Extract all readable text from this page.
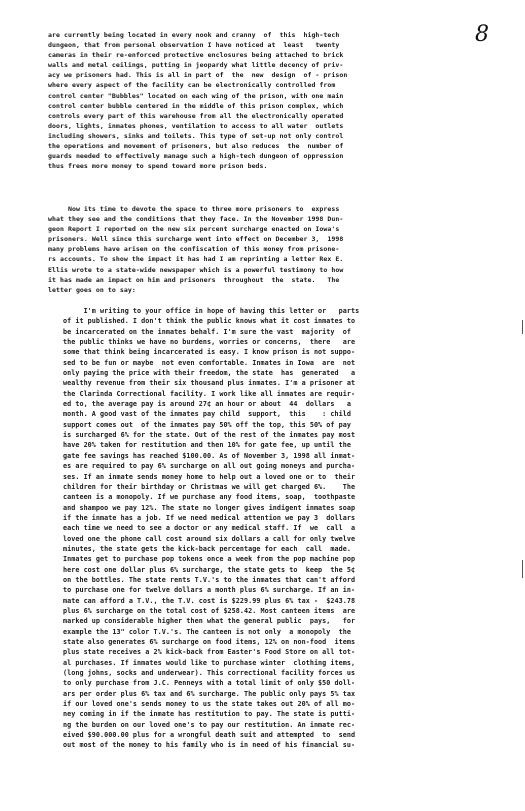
8

are currently being located in every nook and cranny  of  this  high-tech
dungeon, that from personal observation I have noticed at  least   twenty
cameras in their re-enforced protective enclosures being attached to brick
walls and metal ceilings, putting in jeopardy what little decency of priv-
acy we prisoners had. This is all in part of  the  new  design  of - prison
where every aspect of the facility can be electronically controlled from
control center "Bubbles" located on each wing of the prison, with one main
control center bubble centered in the middle of this prison complex, which
controls every part of this warehouse from all the electronically operated
doors, lights, inmates phones, ventilation to access to all water  outlets
including showers, sinks and toilets. This type of set-up not only control
the operations and movement of prisoners, but also reduces  the  number of
guards needed to effectively manage such a high-tech dungeon of oppression
thus frees more money to spend toward more prison beds.

Now its time to devote the space to three more prisoners to  express
what they see and the conditions that they face. In the November 1998 Dun-
geon Report I reported on the new six percent surcharge enacted on Iowa's
prisoners. Well since this surcharge went into effect on December 3,  1998
many problems have arisen on the confiscation of this money from prisone-
rs accounts. To show the impact it has had I am reprinting a letter Rex E.
Ellis wrote to a state-wide newspaper which is a powerful testimony to how
it has made an impact on him and prisoners  throughout  the  state.   The
letter goes on to say:

I'm writing to your office in hope of having this letter or   parts
of it published. I don't think the public knows what it cost inmates to
be incarcerated on the inmates behalf. I'm sure the vast  majority  of
the public thinks we have no burdens, worries or concerns,  there   are
some that think being incarcerated is easy. I know prison is not suppo-
sed to be fun or maybe  not even comfortable. Inmates in Iowa  are  not
only paying the price with their freedom, the state  has  generated   a
wealthy revenue from their six thousand plus inmates. I'm a prisoner at
the Clarinda Correctional facility. I work like all inmates are requir-
ed to, the average pay is around 27¢ an hour or about  44  dollars   a
month. A good vast of the inmates pay child  support,  this    : child
support comes out  of the inmates pay 50% off the top, this 50% of pay
is surcharged 6% for the state. Out of the rest of the inmates pay most
have 20% taken for restitution and then 10% for gate fee, up until the
gate fee savings has reached $100.00. As of November 3, 1998 all inmat-
es are required to pay 6% surcharge on all out going moneys and purcha-
ses. If an inmate sends money home to help out a loved one or to  their
children for their birthday or Christmas we will get charged 6%.    The
canteen is a monopoly. If we purchase any food items, soap,  toothpaste
and shampoo we pay 12%. The state no longer gives indigent inmates soap
if the inmate has a job. If we need medical attention we pay 3  dollars
each time we need to see a doctor or any medical staff. If  we  call  a
loved one the phone call cost around six dollars a call for only twelve
minutes, the state gets the kick-back percentage for each  call  made.
Inmates get to purchase pop tokens once a week from the pop machine pop
here cost one dollar plus 6% surcharge, the state gets to  keep  the 5¢
on the bottles. The state rents T.V.'s to the inmates that can't afford
to purchase one for twelve dollars a month plus 6% surcharge. If an in-
mate can afford a T.V., the T.V. cost is $229.99 plus 6% tax -  $243.78
plus 6% surcharge on the total cost of $258.42. Most canteen items  are
marked up considerable higher then what the general public  pays,   for
example the 13" color T.V.'s. The canteen is not only  a monopoly  the
state also generates 6% surcharge on food items, 12% on non-food  items
plus state receives a 2% kick-back from Easter's Food Store on all tot-
al purchases. If inmates would like to purchase winter  clothing items,
(long johns, socks and underwear). This correctional facility forces us
to only purchase from J.C. Penneys with a total limit of only $50 doll-
ars per order plus 6% tax and 6% surcharge. The public only pays 5% tax
if our loved one's sends money to us the state takes out 20% of all mo-
ney coming in if the inmate has restitution to pay. The state is putti-
ng the burden on our loved one's to pay our restitution. An inmate rec-
eived $90.000.00 plus for a wrongful death suit and attempted  to  send
out most of the money to his family who is in need of his financial su-
